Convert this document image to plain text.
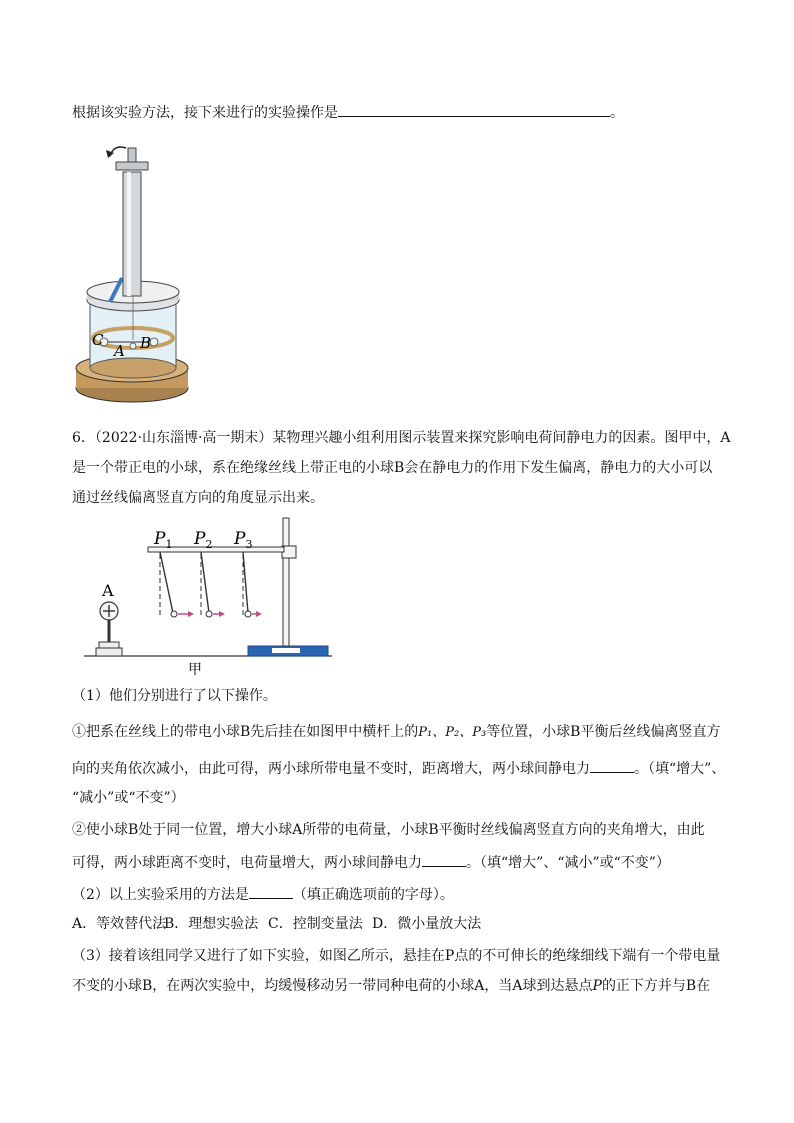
根据该实验方法，接下来进行的实验操作是	。
C
A B
6．（2022·山东淄博·高一期末）某物理兴趣小组利用图示装置来探究影响电荷间静电力的因素。图甲中，A
是一个带正电的小球，系在绝缘丝线上带正电的小球B会在静电力的作用下发生偏离，静电力的大小可以
通过丝线偏离竖直方向的角度显示出来。
$P_1$ $P_2$ $P_3$
A
甲
（1）他们分别进行了以下操作。
①把系在丝线上的带电小球B先后挂在如图甲中横杆上的P₁、P₂、P₃等位置，小球B平衡后丝线偏离竖直方
向的夹角依次减小，由此可得，两小球所带电量不变时，距离增大，两小球间静电力	。（填“增大”、
“减小”或“不变”）
②使小球B处于同一位置，增大小球A所带的电荷量，小球B平衡时丝线偏离竖直方向的夹角增大，由此
可得，两小球距离不变时，电荷量增大，两小球间静电力	。（填“增大”、“减小”或“不变”）
（2）以上实验采用的方法是	（填正确选项前的字母）。
A．等效替代法B．理想实验法 C．控制变量法 D．微小量放大法
（3）接着该组同学又进行了如下实验，如图乙所示，悬挂在P点的不可伸长的绝缘细线下端有一个带电量
不变的小球B，在两次实验中，均缓慢移动另一带同种电荷的小球A，当A球到达悬点P的正下方并与B在
